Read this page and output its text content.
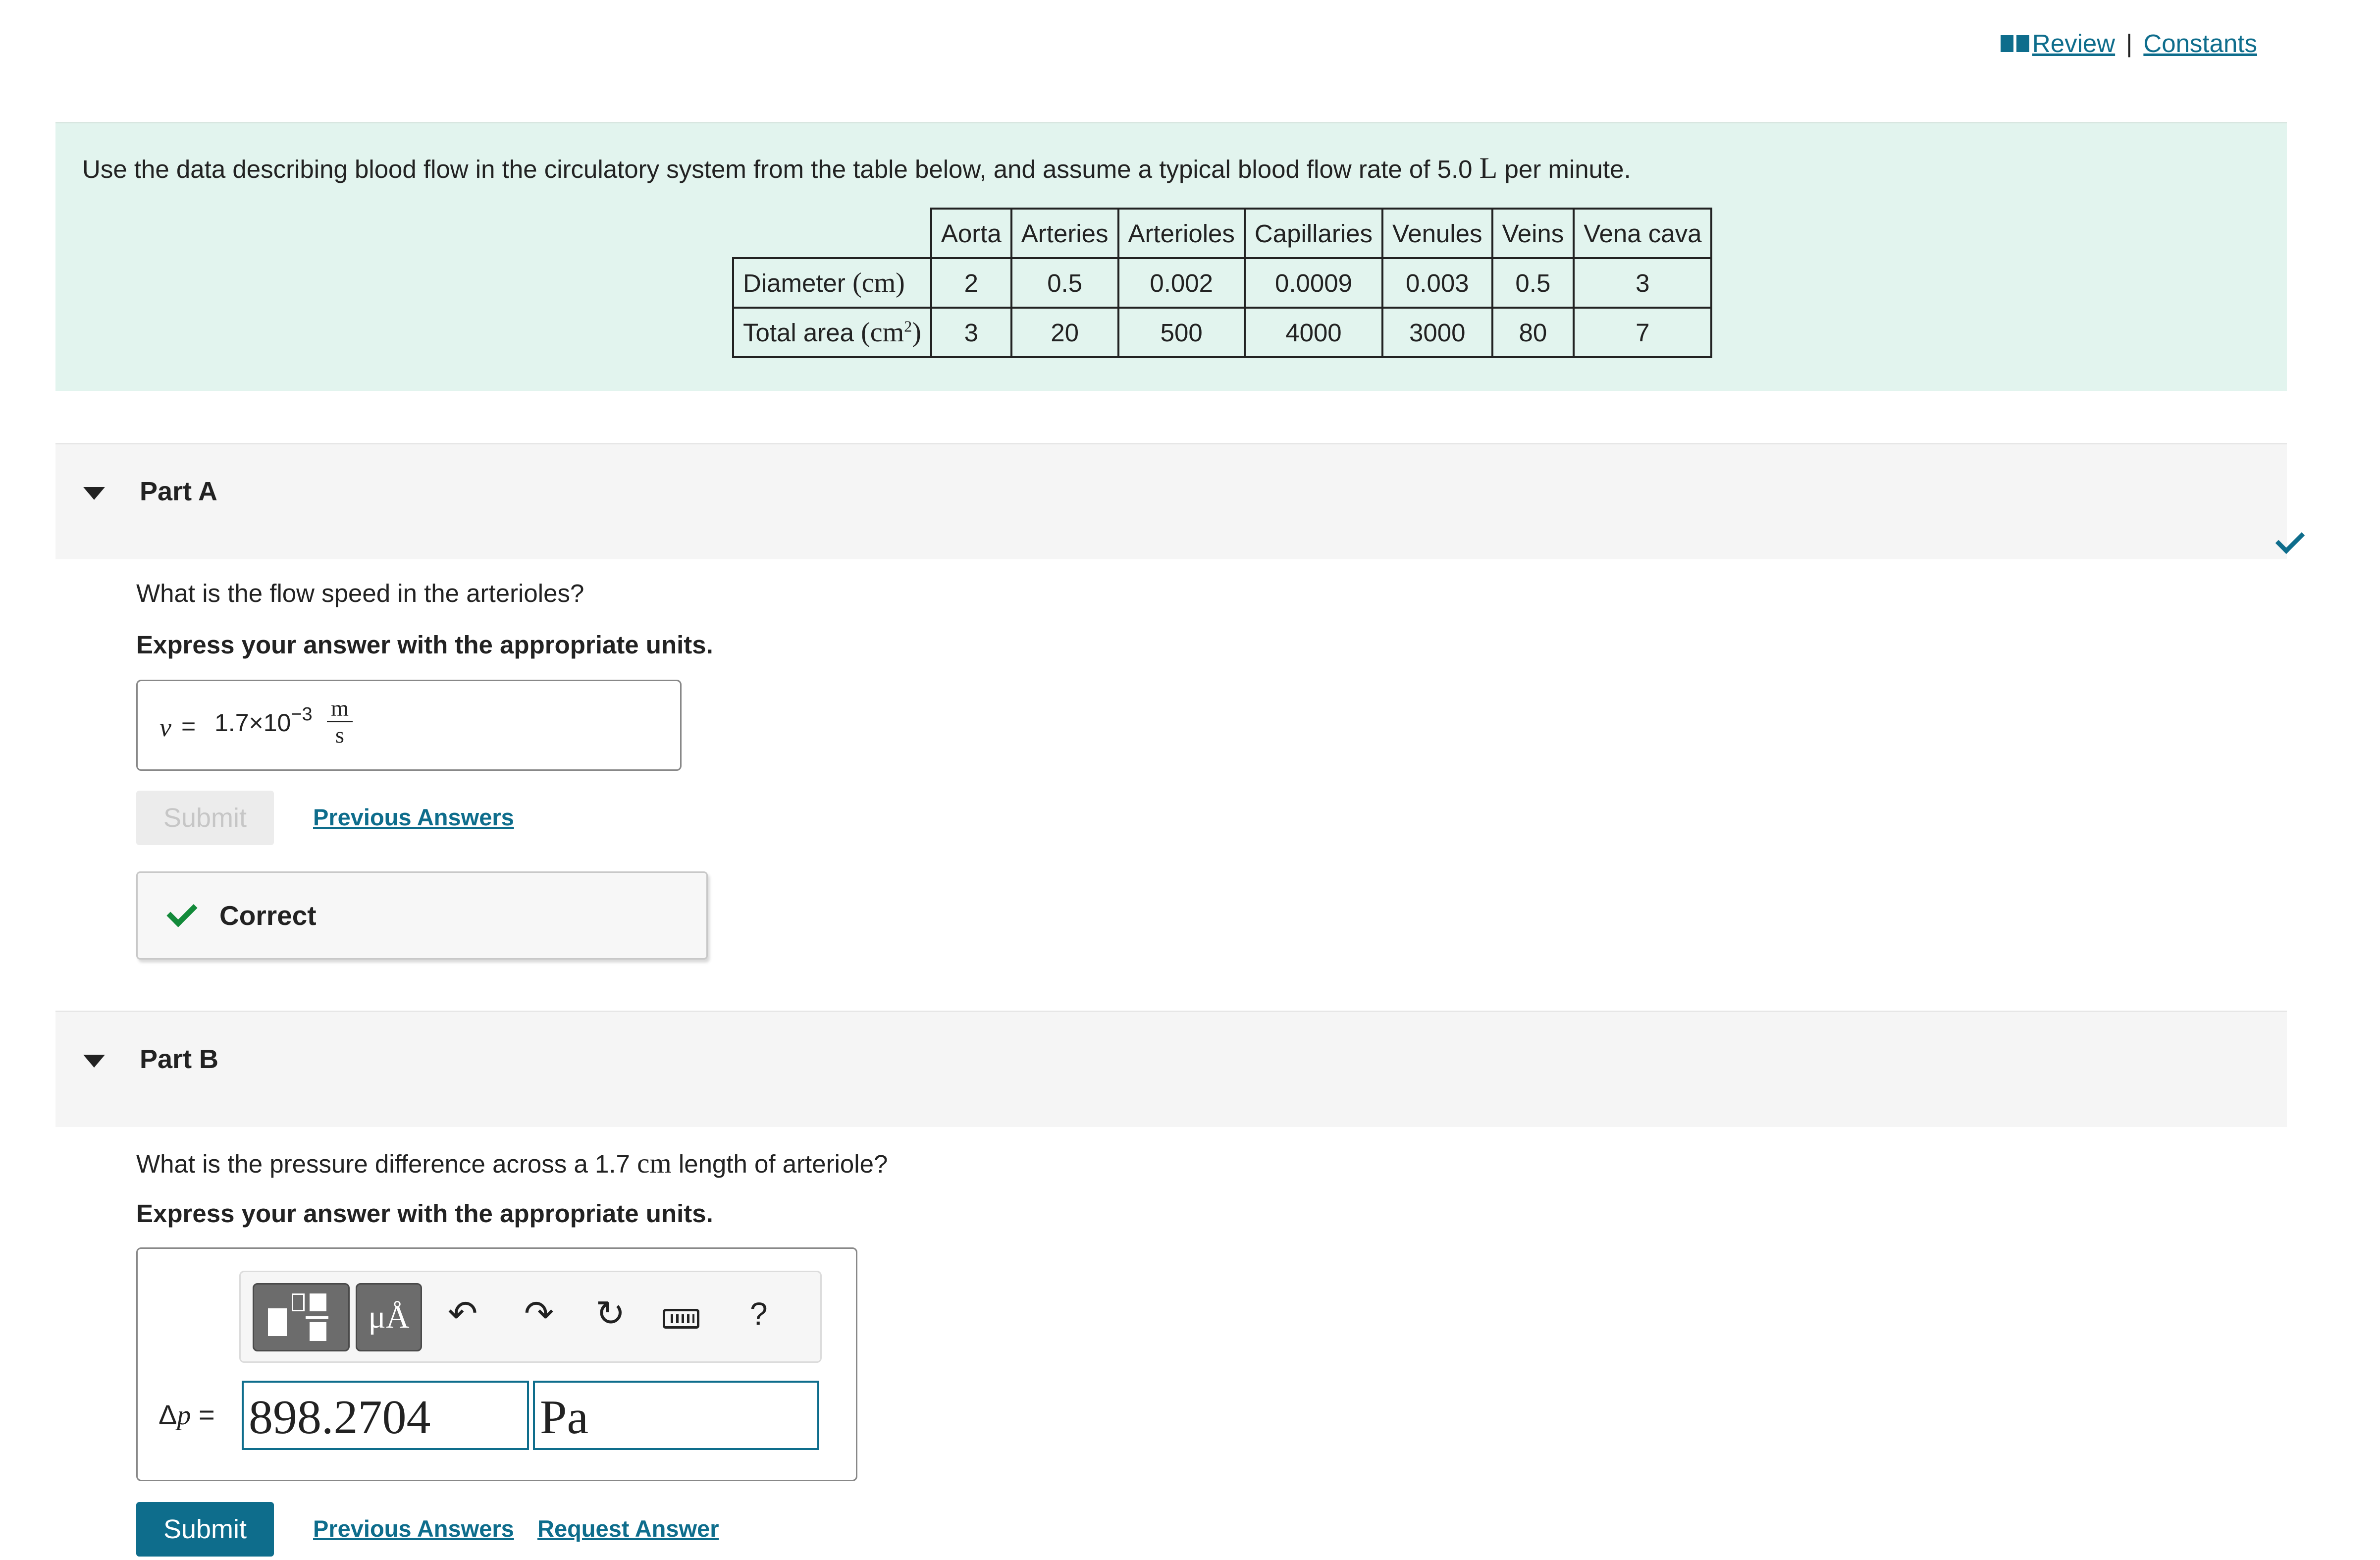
Review | Constants
Use the data describing blood flow in the circulatory system from the table below, and assume a typical blood flow rate of 5.0 L per minute.
	Aorta	Arteries	Arterioles	Capillaries	Venules	Veins	Vena cava
Diameter (cm)	2	0.5	0.002	0.0009	0.003	0.5	3
Total area $(cm^2)$	3	20	500	4000	3000	80	7
Part A
What is the flow speed in the arterioles?
Express your answer with the appropriate units.
$v = 1.7\times 10^{-3} \frac{m}{s}$
Submit	Previous Answers
Correct
Part B
What is the pressure difference across a 1.7 cm length of arteriole?
Express your answer with the appropriate units.
μÅ	↶ ↷ ↻	?
Δp = 898.2704	Pa
Submit	Previous Answers Request Answer
